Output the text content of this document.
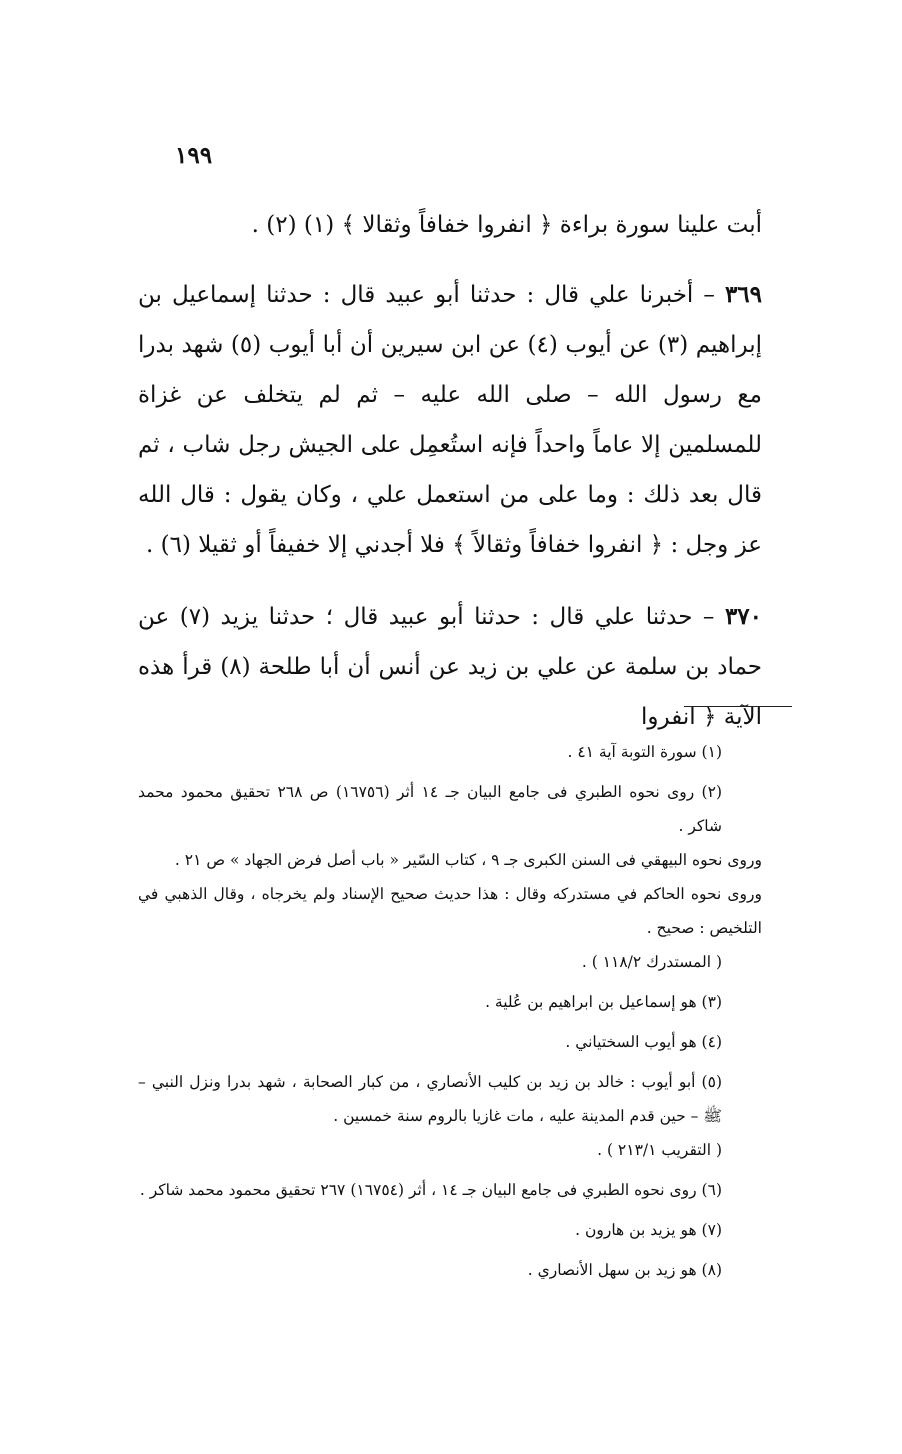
١٩٩

أبت علينا سورة براءة ﴿ انفروا خفافاً وثقالا ﴾ (١) (٢) .

٣٦٩ – أخبرنا علي قال : حدثنا أبو عبيد قال : حدثنا إسماعيل بن إبراهيم (٣) عن أيوب (٤) عن ابن سيرين أن أبا أيوب (٥) شهد بدرا مع رسول الله – صلى الله عليه – ثم لم يتخلف عن غزاة للمسلمين إلا عاماً واحداً فإنه استُعمِل على الجيش رجل شاب ، ثم قال بعد ذلك : وما على من استعمل علي ، وكان يقول : قال الله عز وجل : ﴿ انفروا خفافاً وثقالاً ﴾ فلا أجدني إلا خفيفاً أو ثقيلا (٦) .

٣٧٠ – حدثنا علي قال : حدثنا أبو عبيد قال ؛ حدثنا يزيد (٧) عن حماد بن سلمة عن علي بن زيد عن أنس أن أبا طلحة (٨) قرأ هذه الآية ﴿ انفروا

(١) سورة التوبة آية ٤١ .

(٢) روى نحوه الطبري فى جامع البيان جـ ١٤ أثر (١٦٧٥٦) ص ٢٦٨ تحقيق محمود محمد شاكر .

وروى نحوه البيهقي فى السنن الكبرى جـ ٩ ، كتاب السّير « باب أصل فرض الجهاد » ص ٢١ .

وروى نحوه الحاكم في مستدركه وقال : هذا حديث صحيح الإسناد ولم يخرجاه ، وقال الذهبي في التلخيص : صحيح .

( المستدرك ١١٨/٢ ) .

(٣) هو إسماعيل بن ابراهيم بن عُلية .

(٤) هو أيوب السختياني .

(٥) أبو أيوب : خالد بن زيد بن كليب الأنصاري ، من كبار الصحابة ، شهد بدرا ونزل النبي – ﷺ – حين قدم المدينة عليه ، مات غازيا بالروم سنة خمسين .

( التقريب ٢١٣/١ ) .

(٦) روى نحوه الطبري فى جامع البيان جـ ١٤ ، أثر (١٦٧٥٤) ٢٦٧ تحقيق محمود محمد شاكر .

(٧) هو يزيد بن هارون .

(٨) هو زيد بن سهل الأنصاري .
